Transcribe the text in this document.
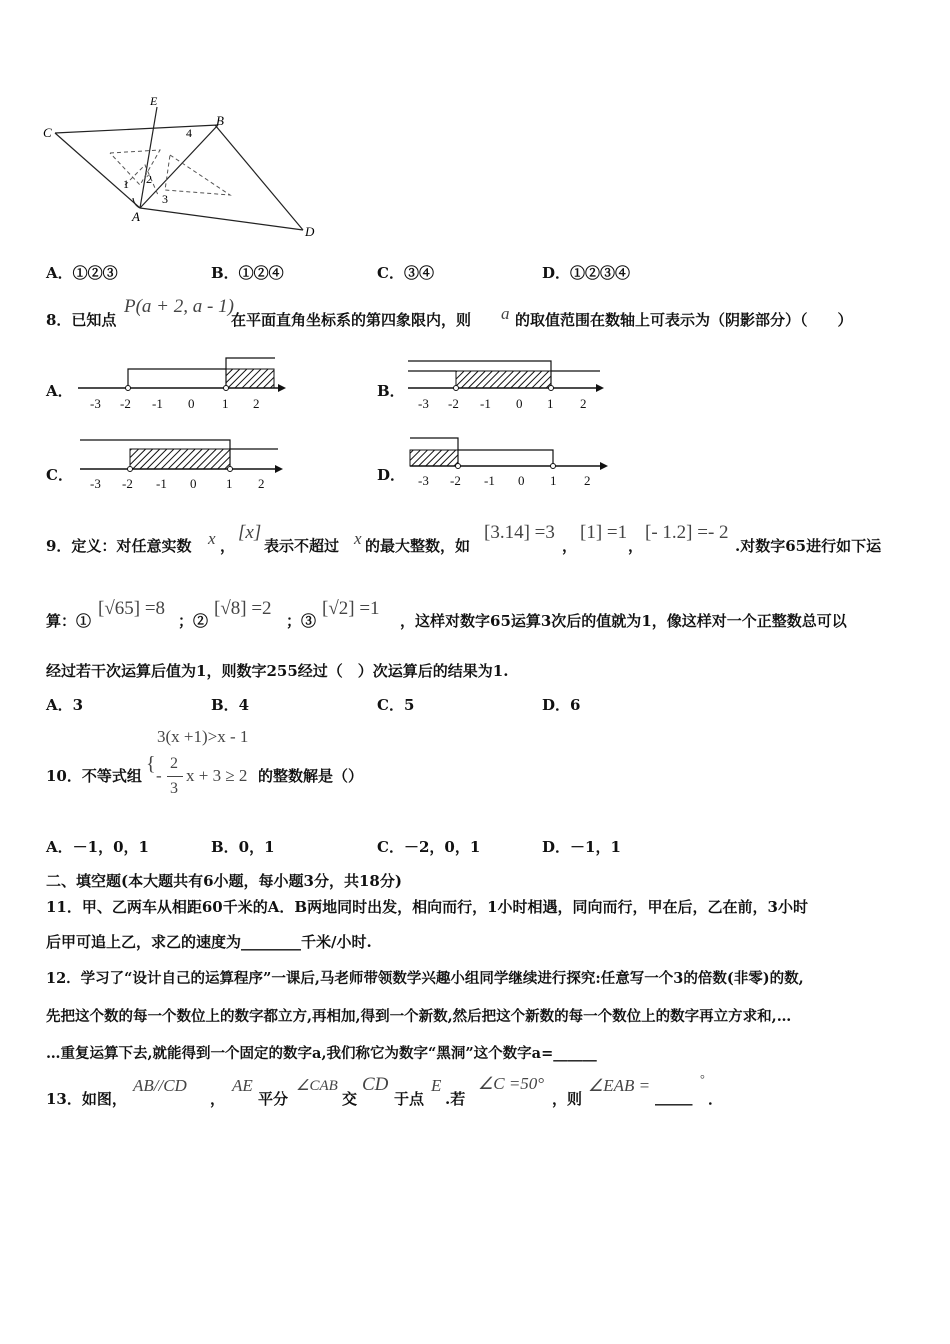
C
E
B
A
D
1 2
3
4
A．①②③	B．①②④	C．③④	D．①②③④
8．已知点
P(a + 2, a - 1)
在平面直角坐标系的第四象限内，则 a 的取值范围在数轴上可表示为（阴影部分）（　　）
A．	B．
C．	D．
-3 -2 -1 0 1 2	-3 -2 -1 0 1 2
-3 -2 -1 0 1 2	-3 -2 -1 0 1 2
9．定义：对任意实数 x ，
[x]
表示不超过 x 的最大整数，如
[3.14] =3
，
[1] =1
，
[- 1.2] =- 2
.对数字65进行如下运
算：①
[√65] =8
；②
[√8] =2
；③
[√2] =1
，这样对数字65运算3次后的值就为1，像这样对一个正整数总可以
经过若干次运算后值为1，则数字255经过（　）次运算后的结果为1.
A．3	B．4	C．5	D．6
3(x +1)>x - 1
10．不等式组
{
-
2
3
x + 3 ≥ 2 的整数解是（）
A．－1，0，1	B．0，1	C．－2，0，1	D．－1，1
二、填空题(本大题共有6小题，每小题3分，共18分)
11．甲、乙两车从相距60千米的A．B两地同时出发，相向而行，1小时相遇，同向而行，甲在后，乙在前，3小时
后甲可追上乙，求乙的速度为________千米/小时.
12．学习了“设计自己的运算程序”一课后,马老师带领数学兴趣小组同学继续进行探究:任意写一个3的倍数(非零)的数,
先把这个数的每一个数位上的数字都立方,再相加,得到一个新数,然后把这个新数的每一个数位上的数字再立方求和,…
…重复运算下去,就能得到一个固定的数字a,我们称它为数字“黑洞”这个数字a=______
13．如图，
AB//CD
，
AE
平分
∠CAB
交
CD
于点
E
.若
∠C =50°
，则
∠EAB =
_____
°
．
